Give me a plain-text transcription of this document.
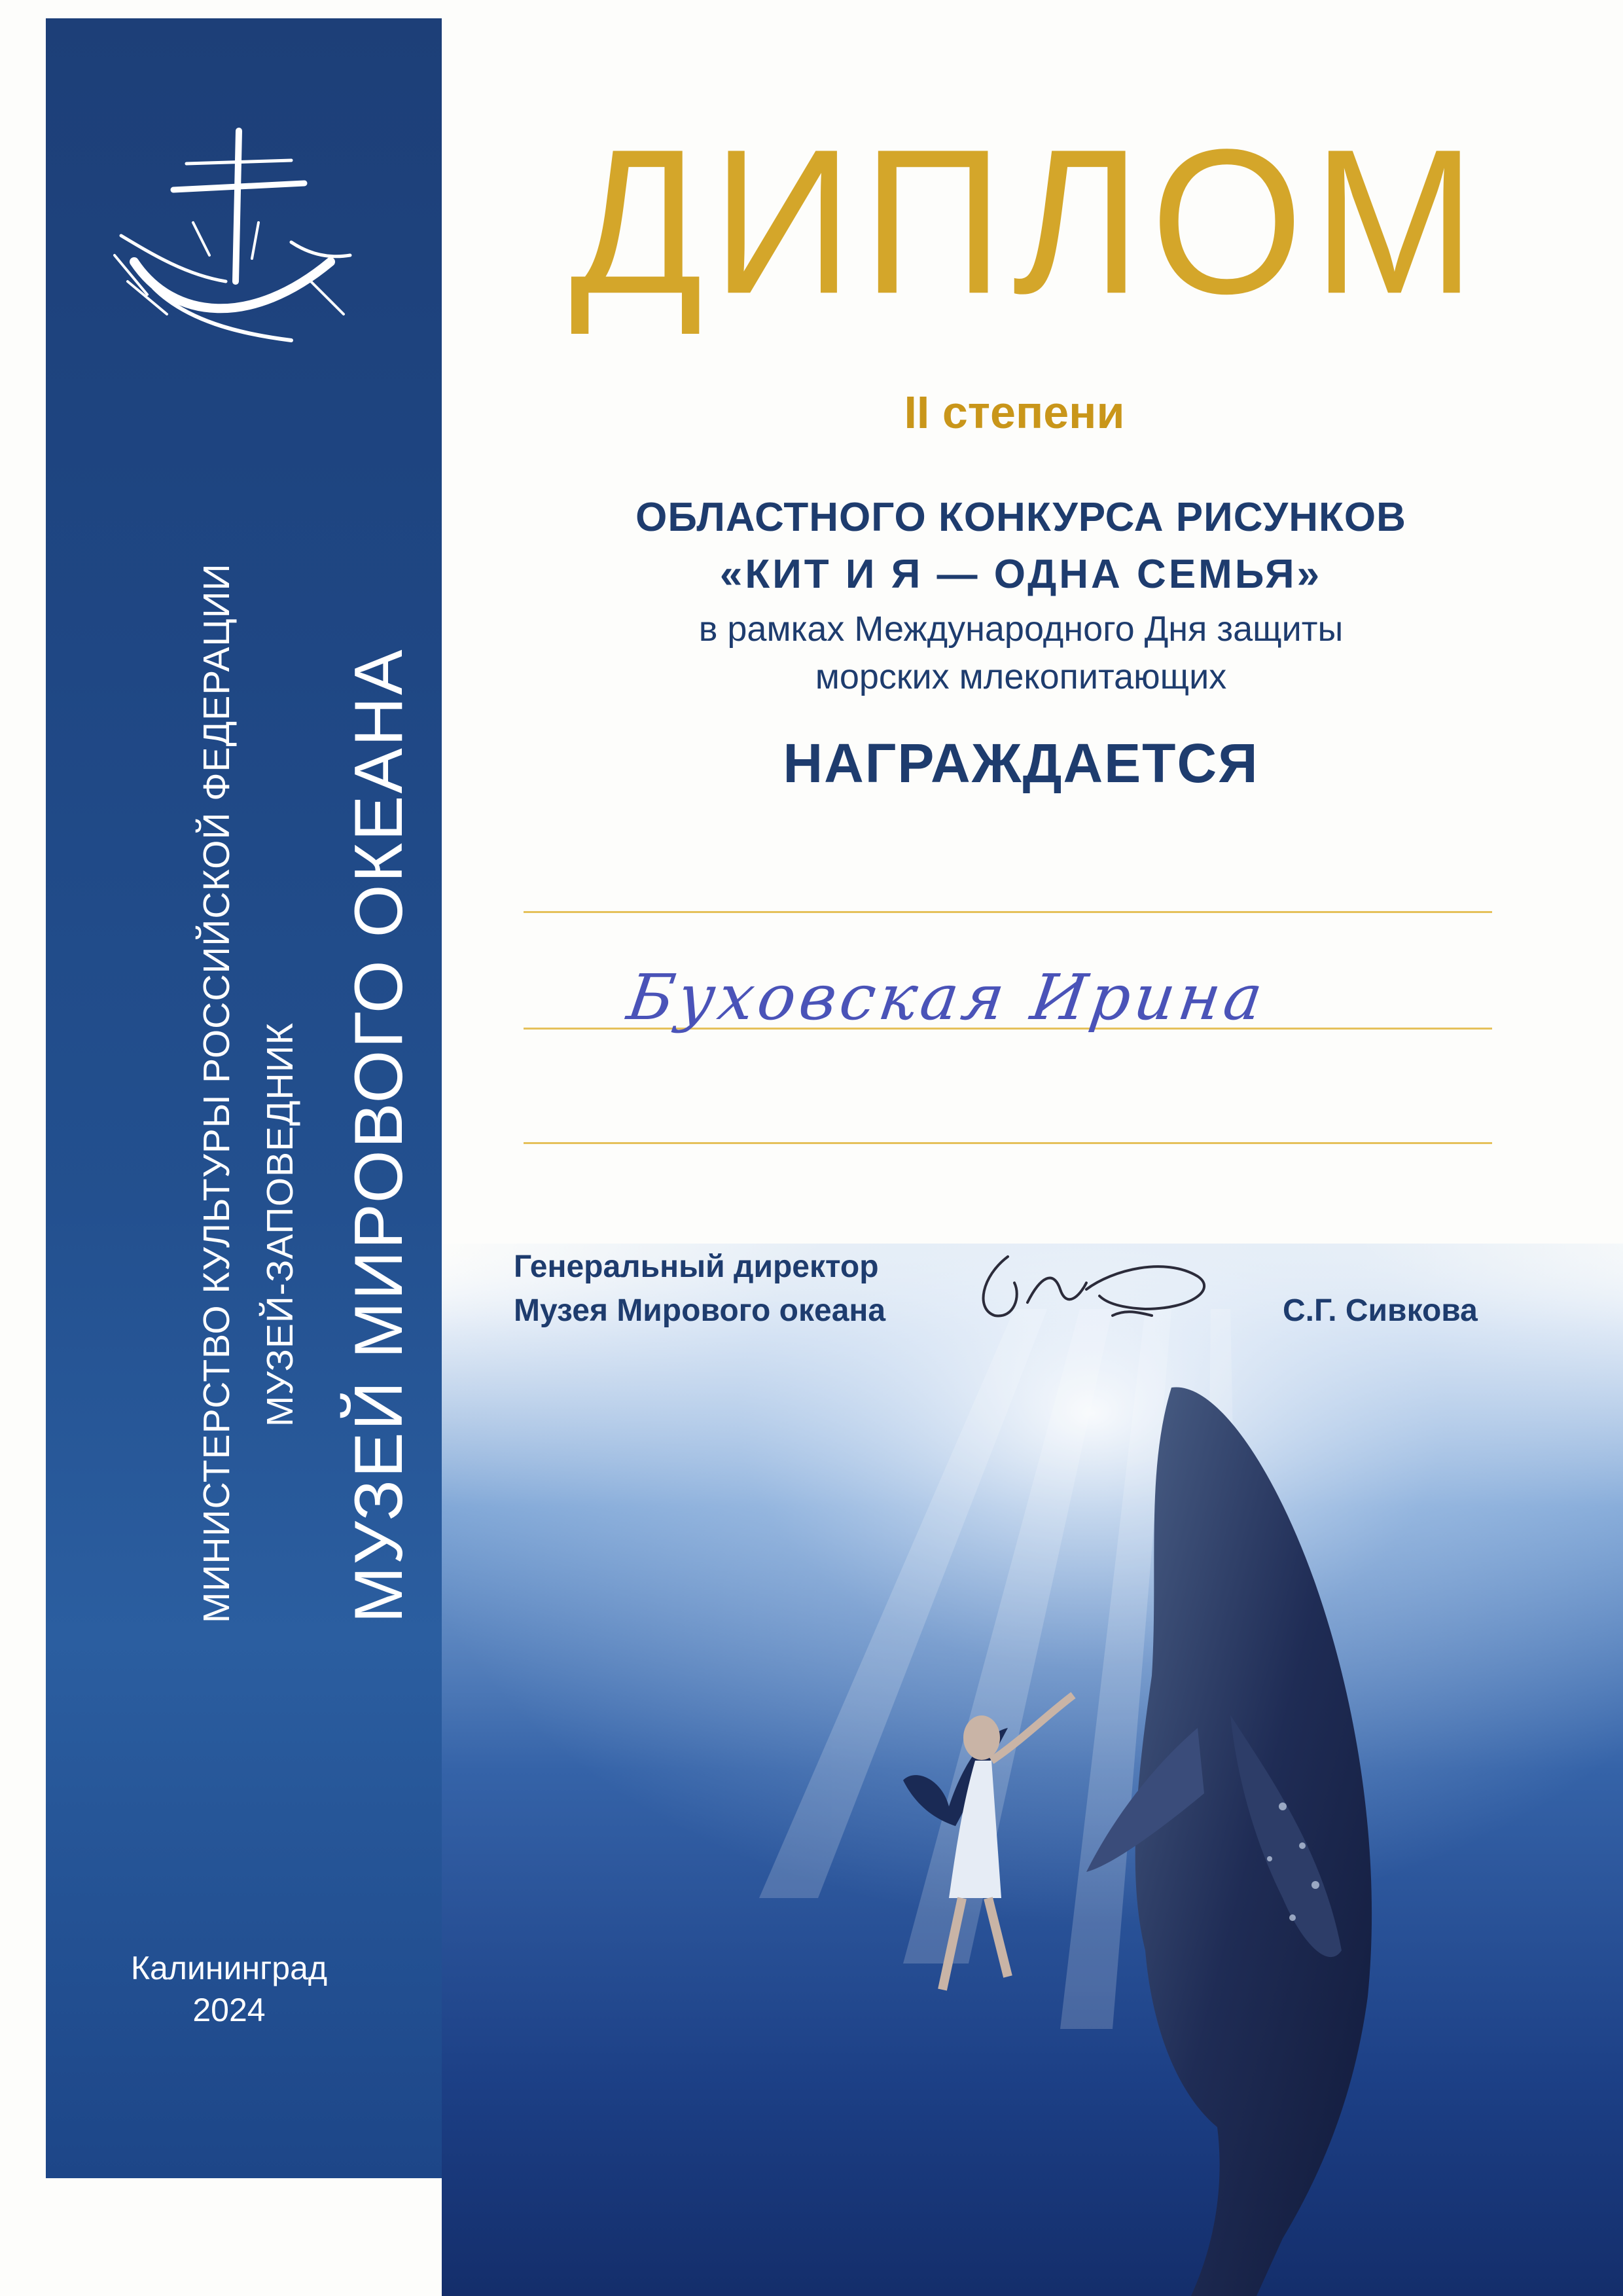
МИНИСТЕРСТВО КУЛЬТУРЫ РОССИЙСКОЙ ФЕДЕРАЦИИ МУЗЕЙ-ЗАПОВЕДНИК МУЗЕЙ МИРОВОГО ОКЕАНА
Калининград
2024
ДИПЛОМ
II степени
ОБЛАСТНОГО КОНКУРСА РИСУНКОВ
«КИТ И Я — ОДНА СЕМЬЯ»
в рамках Международного Дня защиты
морских млекопитающих
НАГРАЖДАЕТСЯ
Буховская Ирина
Генеральный директор
Музея Мирового океана	С.Г. Сивкова
